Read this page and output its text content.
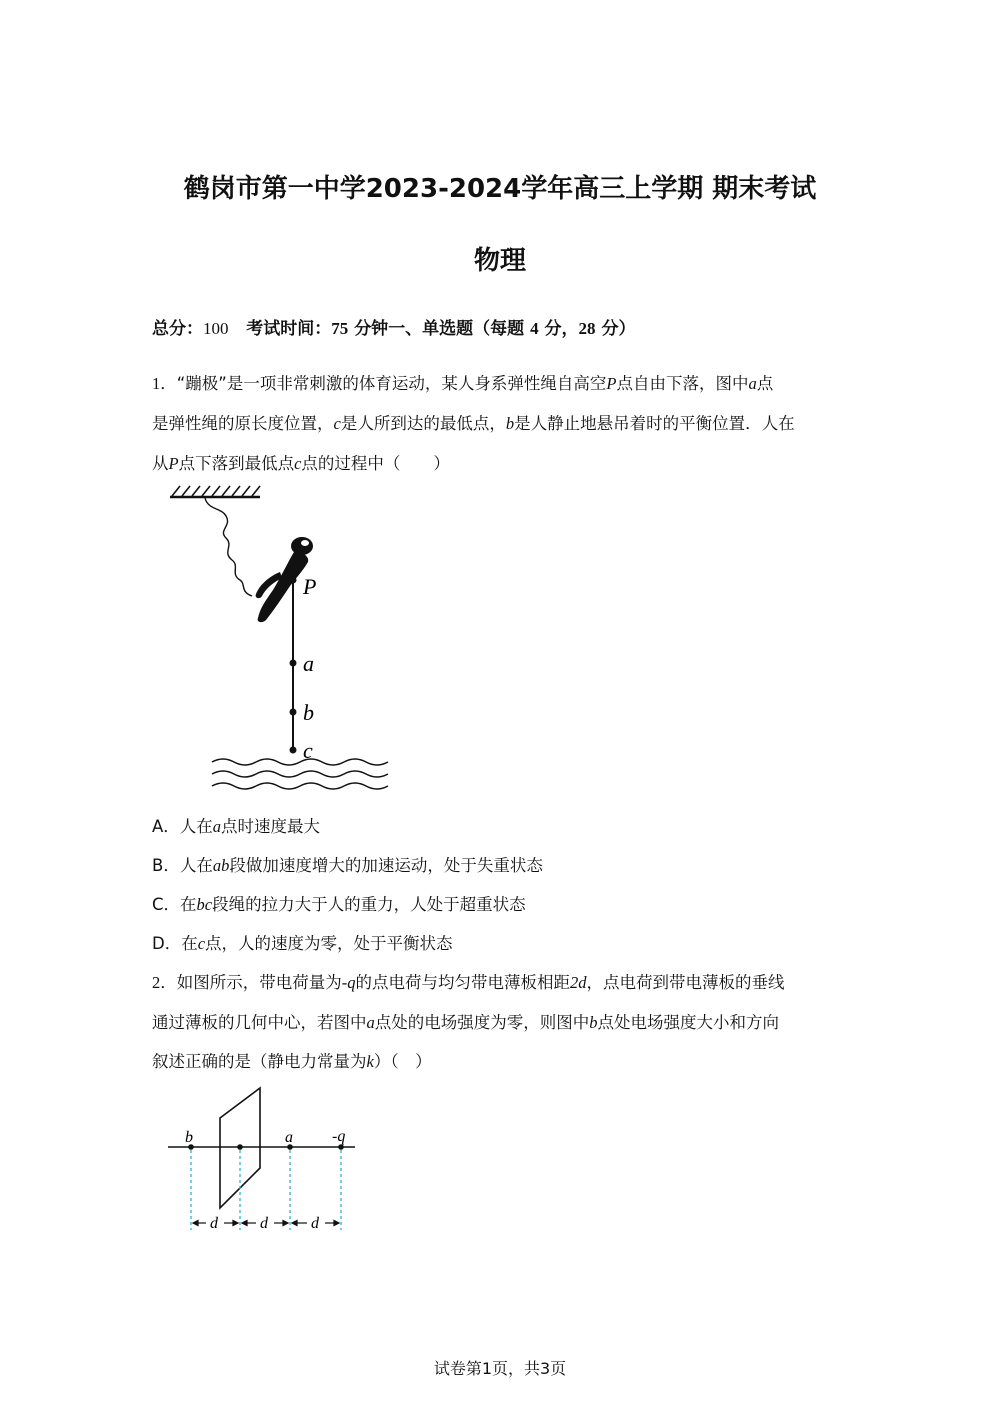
鹤岗市第一中学2023-2024学年高三上学期 期末考试
物理
总分：100 考试时间：75 分钟一、单选题（每题 4 分，28 分）
1．“蹦极”是一项非常刺激的体育运动，某人身系弹性绳自高空P点自由下落，图中a点
是弹性绳的原长度位置，c是人所到达的最低点，b是人静止地悬吊着时的平衡位置．人在
从P点下落到最低点c点的过程中（　　）
P
a
b
c
A．人在a点时速度最大
B．人在ab段做加速度增大的加速运动，处于失重状态
C．在bc段绳的拉力大于人的重力，人处于超重状态
D．在c点，人的速度为零，处于平衡状态
2．如图所示，带电荷量为-q的点电荷与均匀带电薄板相距2d，点电荷到带电薄板的垂线
通过薄板的几何中心，若图中a点处的电场强度为零，则图中b点处电场强度大小和方向
叙述正确的是（静电力常量为k）（　）
b	a -q
d	d	d
试卷第1页，共3页
